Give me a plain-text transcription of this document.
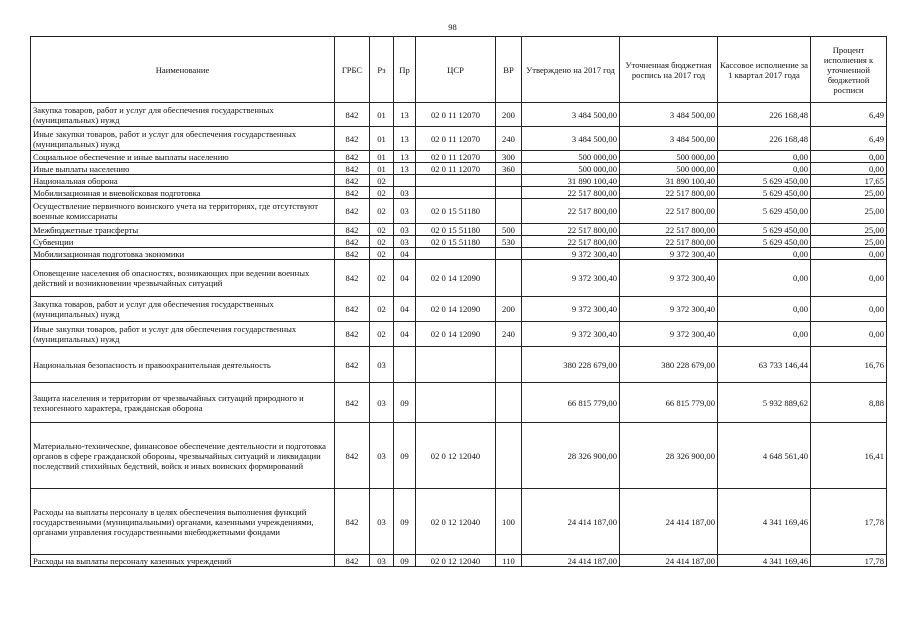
98
Наименование	ГРБС	Рз	Пр	ЦСР	ВР	Утверждено на 2017 год	Уточненная бюджетная роспись на 2017 год	Кассовое исполнение за 1 квартал 2017 года	Процент исполнения к уточненной бюджетной росписи
Закупка товаров, работ и услуг для обеспечения государственных (муниципальных) нужд	842	01	13	02 0 11 12070	200	3 484 500,00	3 484 500,00	226 168,48	6,49
Иные закупки товаров, работ и услуг для обеспечения государственных (муниципальных) нужд	842	01	13	02 0 11 12070	240	3 484 500,00	3 484 500,00	226 168,48	6,49
Социальное обеспечение и иные выплаты населению	842	01	13	02 0 11 12070	300	500 000,00	500 000,00	0,00	0,00
Иные выплаты населению	842	01	13	02 0 11 12070	360	500 000,00	500 000,00	0,00	0,00
Национальная оборона	842	02				31 890 100,40	31 890 100,40	5 629 450,00	17,65
Мобилизационная и вневойсковая подготовка	842	02	03			22 517 800,00	22 517 800,00	5 629 450,00	25,00
Осуществление первичного воинского учета на территориях, где отсутствуют военные комиссариаты	842	02	03	02 0 15 51180		22 517 800,00	22 517 800,00	5 629 450,00	25,00
Межбюджетные трансферты	842	02	03	02 0 15 51180	500	22 517 800,00	22 517 800,00	5 629 450,00	25,00
Субвенции	842	02	03	02 0 15 51180	530	22 517 800,00	22 517 800,00	5 629 450,00	25,00
Мобилизационная подготовка экономики	842	02	04			9 372 300,40	9 372 300,40	0,00	0,00
Оповещение населения об опасностях, возникающих при ведении военных действий и возникновении чрезвычайных ситуаций	842	02	04	02 0 14 12090		9 372 300,40	9 372 300,40	0,00	0,00
Закупка товаров, работ и услуг для обеспечения государственных (муниципальных) нужд	842	02	04	02 0 14 12090	200	9 372 300,40	9 372 300,40	0,00	0,00
Иные закупки товаров, работ и услуг для обеспечения государственных (муниципальных) нужд	842	02	04	02 0 14 12090	240	9 372 300,40	9 372 300,40	0,00	0,00
Национальная безопасность и правоохранительная деятельность	842	03				380 228 679,00	380 228 679,00	63 733 146,44	16,76
Защита населения и территории от чрезвычайных ситуаций природного и техногенного характера, гражданская оборона	842	03	09			66 815 779,00	66 815 779,00	5 932 889,62	8,88
Материально-техническое, финансовое обеспечение деятельности и подготовка органов в сфере гражданской обороны, чрезвычайных ситуаций и ликвидации последствий стихийных бедствий, войск и иных воинских формирований	842	03	09	02 0 12 12040		28 326 900,00	28 326 900,00	4 648 561,40	16,41
Расходы на выплаты персоналу в целях обеспечения выполнения функций государственными (муниципальными) органами, казенными учреждениями, органами управления государственными внебюджетными фондами	842	03	09	02 0 12 12040	100	24 414 187,00	24 414 187,00	4 341 169,46	17,78
Расходы на выплаты персоналу казенных учреждений	842	03	09	02 0 12 12040	110	24 414 187,00	24 414 187,00	4 341 169,46	17,78
